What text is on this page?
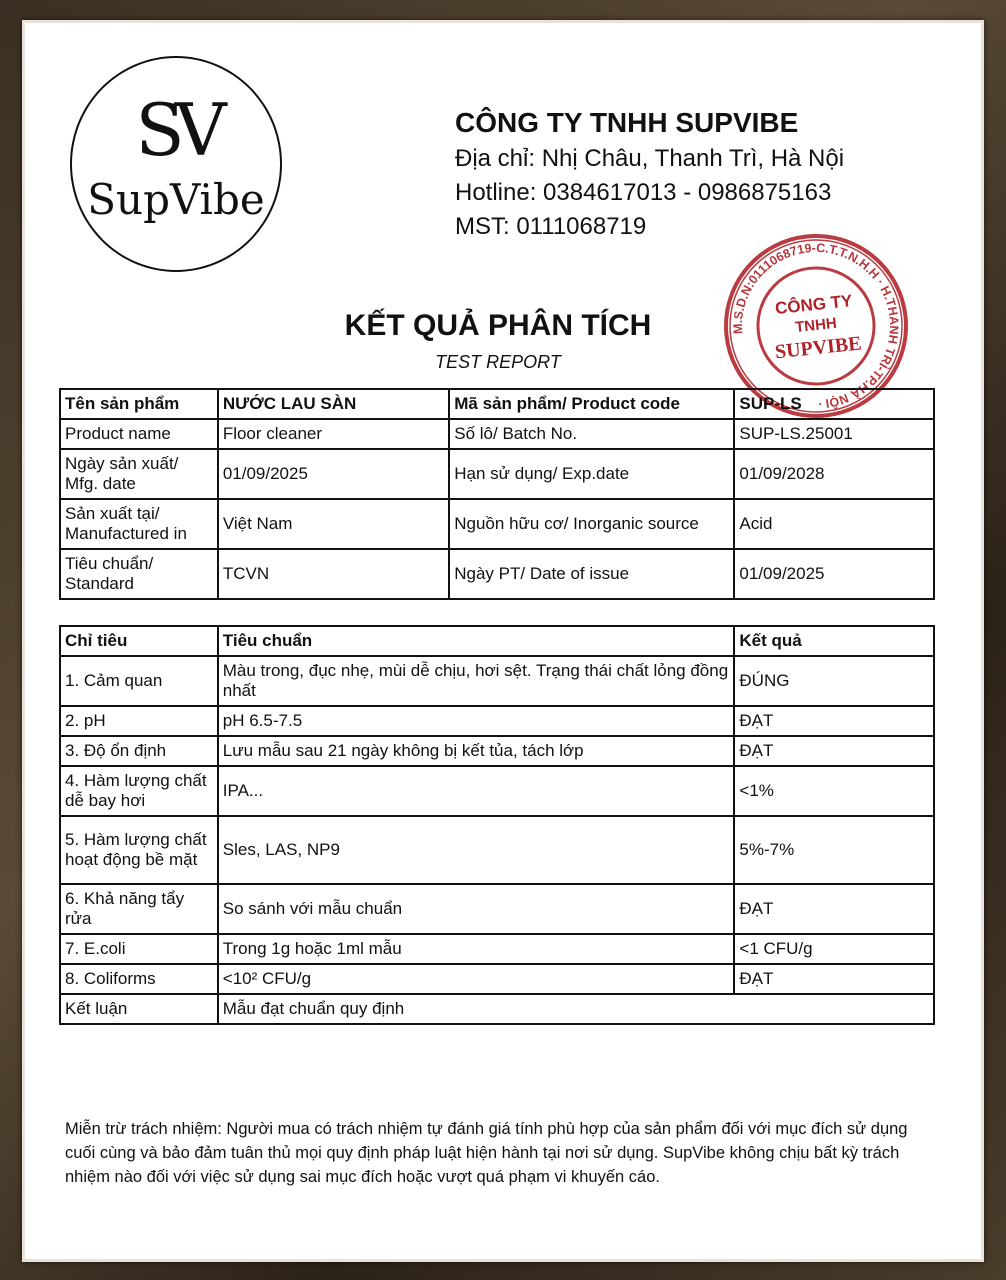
SV
SupVibe
CÔNG TY TNHH SUPVIBE
Địa chỉ: Nhị Châu, Thanh Trì, Hà Nội
Hotline: 0384617013 - 0986875163
MST: 0111068719
M.S.D.N:0111068719-C.T.T.N.H.H · H.THANH TRÌ-TP.HÀ NỘI ·
CÔNG TY
TNHH
SUPVIBE
KẾT QUẢ PHÂN TÍCH
TEST REPORT
Tên sản phẩm	NƯỚC LAU SÀN	Mã sản phẩm/ Product code	SUP-LS
Product name	Floor cleaner	Số lô/ Batch No.	SUP-LS.25001
Ngày sản xuất/ Mfg. date	01/09/2025	Hạn sử dụng/ Exp.date	01/09/2028
Sản xuất tại/ Manufactured in	Việt Nam	Nguồn hữu cơ/ Inorganic source	Acid
Tiêu chuẩn/ Standard	TCVN	Ngày PT/ Date of issue	01/09/2025
Chỉ tiêu	Tiêu chuẩn	Kết quả
1. Cảm quan	Màu trong, đục nhẹ, mùi dễ chịu, hơi sệt. Trạng thái chất lỏng đồng nhất	ĐÚNG
2. pH	pH 6.5-7.5	ĐẠT
3. Độ ổn định	Lưu mẫu sau 21 ngày không bị kết tủa, tách lớp	ĐẠT
4. Hàm lượng chất dễ bay hơi	IPA...	<1%
5. Hàm lượng chất hoạt động bề mặt	Sles, LAS, NP9	5%-7%
6. Khả năng tẩy rửa	So sánh với mẫu chuẩn	ĐẠT
7. E.coli	Trong 1g hoặc 1ml mẫu	<1 CFU/g
8. Coliforms	<10² CFU/g	ĐẠT
Kết luận	Mẫu đạt chuẩn quy định	
Miễn trừ trách nhiệm: Người mua có trách nhiệm tự đánh giá tính phù hợp của sản phẩm đối với mục đích sử dụng cuối cùng và bảo đảm tuân thủ mọi quy định pháp luật hiện hành tại nơi sử dụng. SupVibe không chịu bất kỳ trách nhiệm nào đối với việc sử dụng sai mục đích hoặc vượt quá phạm vi khuyến cáo.
